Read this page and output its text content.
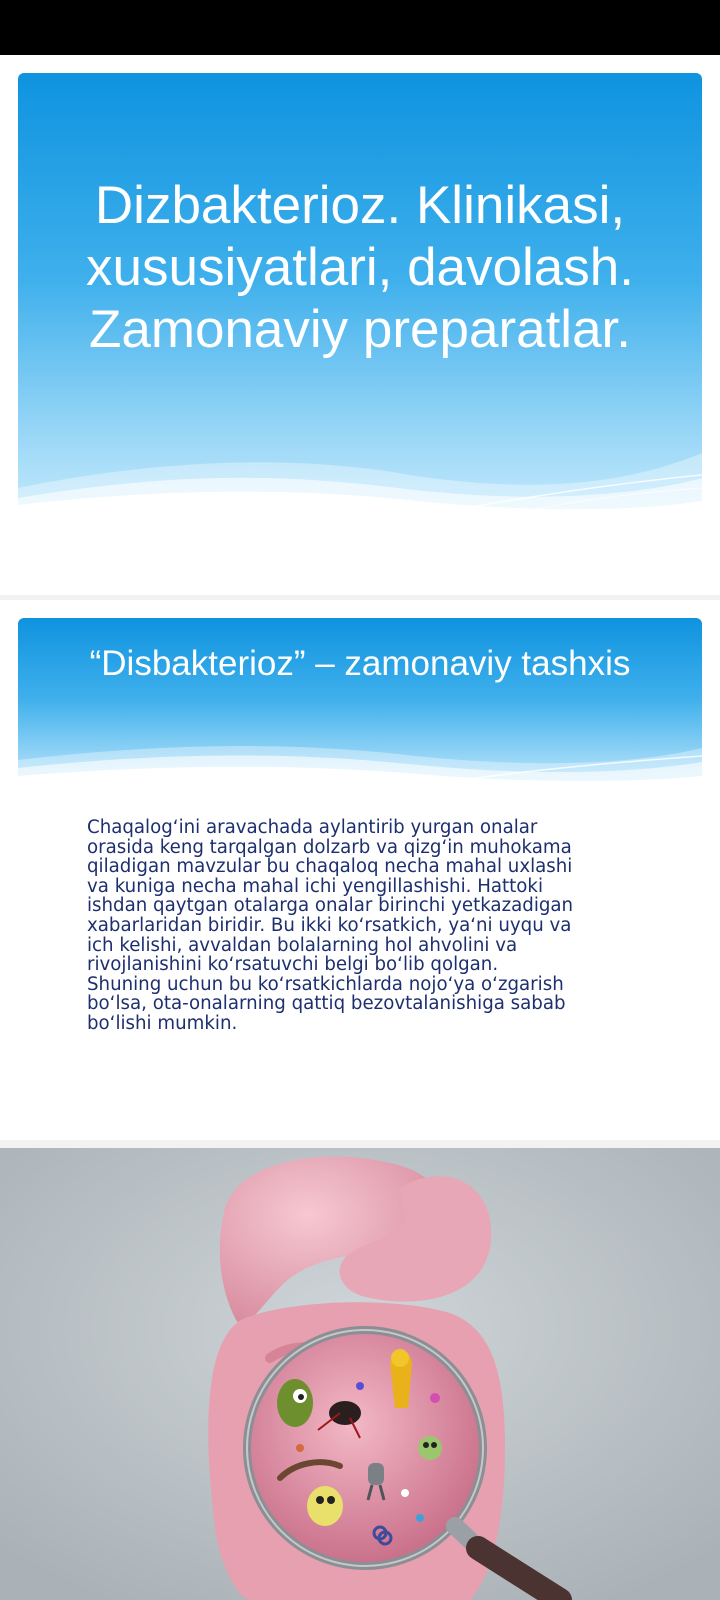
Dizbakterioz. Klinikasi,
xususiyatlari, davolash.
Zamonaviy preparatlar.
“Disbakterioz” – zamonaviy tashxis
Chaqalogʻini aravachada aylantirib yurgan onalar
orasida keng tarqalgan dolzarb va qizgʻin muhokama
qiladigan mavzular bu chaqaloq necha mahal uxlashi
va kuniga necha mahal ichi yengillashishi. Hattoki
ishdan qaytgan otalarga onalar birinchi yetkazadigan
xabarlaridan biridir. Bu ikki koʻrsatkich, yaʻni uyqu va
ich kelishi, avvaldan bolalarning hol ahvolini va
rivojlanishini koʻrsatuvchi belgi boʻlib qolgan.
Shuning uchun bu koʻrsatkichlarda nojoʻya oʻzgarish
boʻlsa, ota-onalarning qattiq bezovtalanishiga sabab
boʻlishi mumkin.
